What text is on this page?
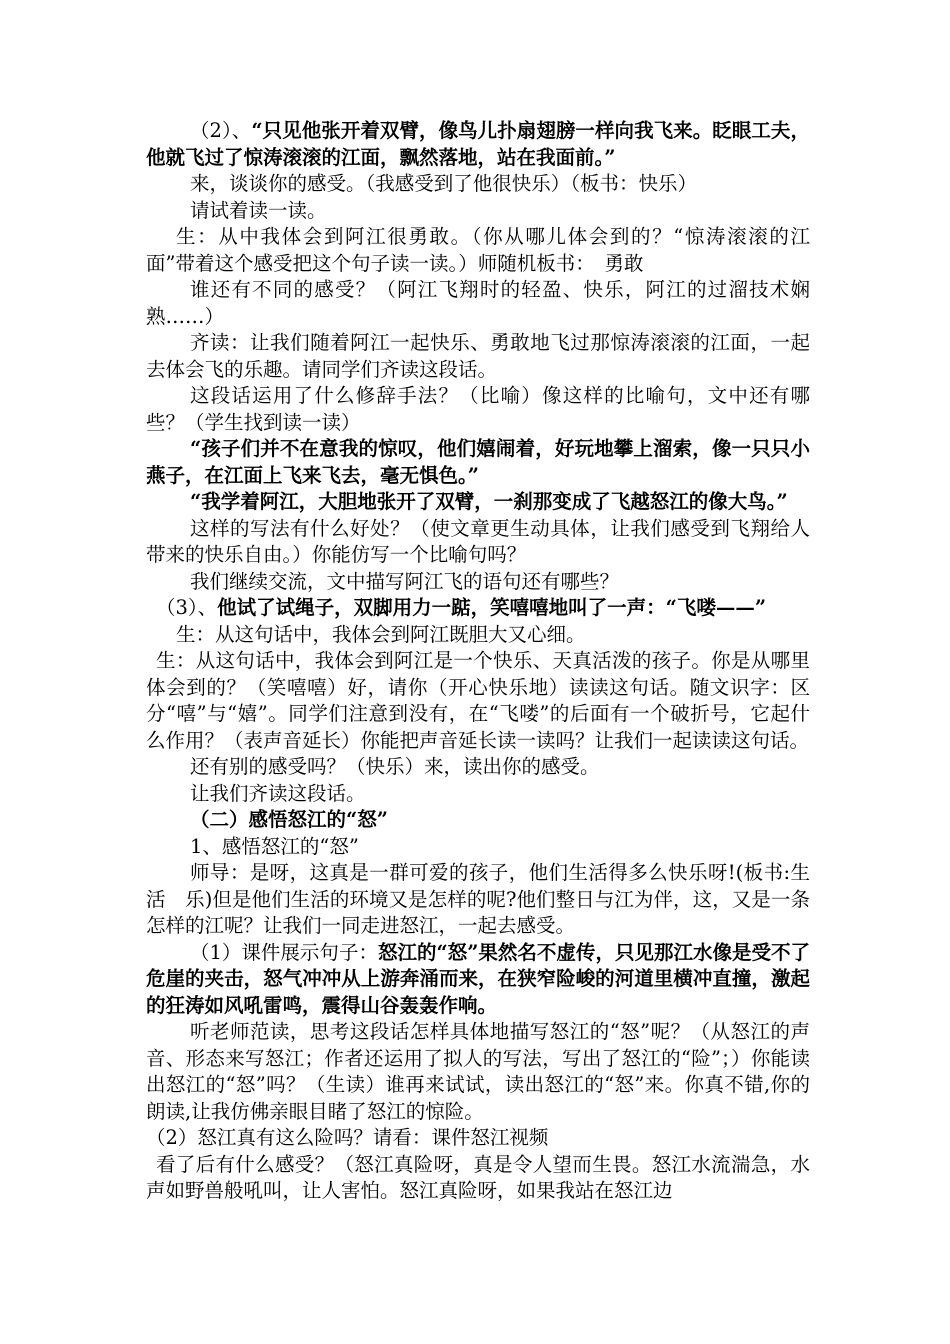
（2）、“只见他张开着双臂，像鸟儿扑扇翅膀一样向我飞来。眨眼工夫，他就飞过了惊涛滚滚的江面，飘然落地，站在我面前。”

来，谈谈你的感受。（我感受到了他很快乐）（板书：快乐）

请试着读一读。

生：从中我体会到阿江很勇敢。（你从哪儿体会到的？“惊涛滚滚的江面”带着这个感受把这个句子读一读。）师随机板书：　勇敢

谁还有不同的感受？（阿江飞翔时的轻盈、快乐，阿江的过溜技术娴熟……）

齐读：让我们随着阿江一起快乐、勇敢地飞过那惊涛滚滚的江面，一起去体会飞的乐趣。请同学们齐读这段话。

这段话运用了什么修辞手法？（比喻）像这样的比喻句，文中还有哪些？（学生找到读一读）

“孩子们并不在意我的惊叹，他们嬉闹着，好玩地攀上溜索，像一只只小燕子，在江面上飞来飞去，毫无惧色。”

“我学着阿江，大胆地张开了双臂，一刹那变成了飞越怒江的像大鸟。”

这样的写法有什么好处？（使文章更生动具体，让我们感受到飞翔给人带来的快乐自由。）你能仿写一个比喻句吗？

我们继续交流，文中描写阿江飞的语句还有哪些？

（3）、他试了试绳子，双脚用力一踮，笑嘻嘻地叫了一声：“飞喽——”

生：从这句话中，我体会到阿江既胆大又心细。

生：从这句话中，我体会到阿江是一个快乐、天真活泼的孩子。你是从哪里体会到的？（笑嘻嘻）好，请你（开心快乐地）读读这句话。随文识字：区分“嘻”与“嬉”。同学们注意到没有，在“飞喽”的后面有一个破折号，它起什么作用？（表声音延长）你能把声音延长读一读吗？让我们一起读读这句话。

还有别的感受吗？（快乐）来，读出你的感受。

让我们齐读这段话。

（二）感悟怒江的“怒”

1、感悟怒江的“怒”

师导：是呀，这真是一群可爱的孩子，他们生活得多么快乐呀!(板书:生活　乐)但是他们生活的环境又是怎样的呢?他们整日与江为伴，这，又是一条怎样的江呢？让我们一同走进怒江，一起去感受。

（1）课件展示句子：怒江的“怒”果然名不虚传，只见那江水像是受不了危崖的夹击，怒气冲冲从上游奔涌而来，在狭窄险峻的河道里横冲直撞，激起的狂涛如风吼雷鸣，震得山谷轰轰作响。

听老师范读，思考这段话怎样具体地描写怒江的“怒”呢？（从怒江的声音、形态来写怒江；作者还运用了拟人的写法，写出了怒江的“险”；）你能读出怒江的“怒”吗？（生读）谁再来试试，读出怒江的“怒”来。你真不错,你的朗读,让我仿佛亲眼目睹了怒江的惊险。

（2）怒江真有这么险吗？请看：课件怒江视频

看了后有什么感受？（怒江真险呀，真是令人望而生畏。怒江水流湍急，水声如野兽般吼叫，让人害怕。怒江真险呀，如果我站在怒江边
